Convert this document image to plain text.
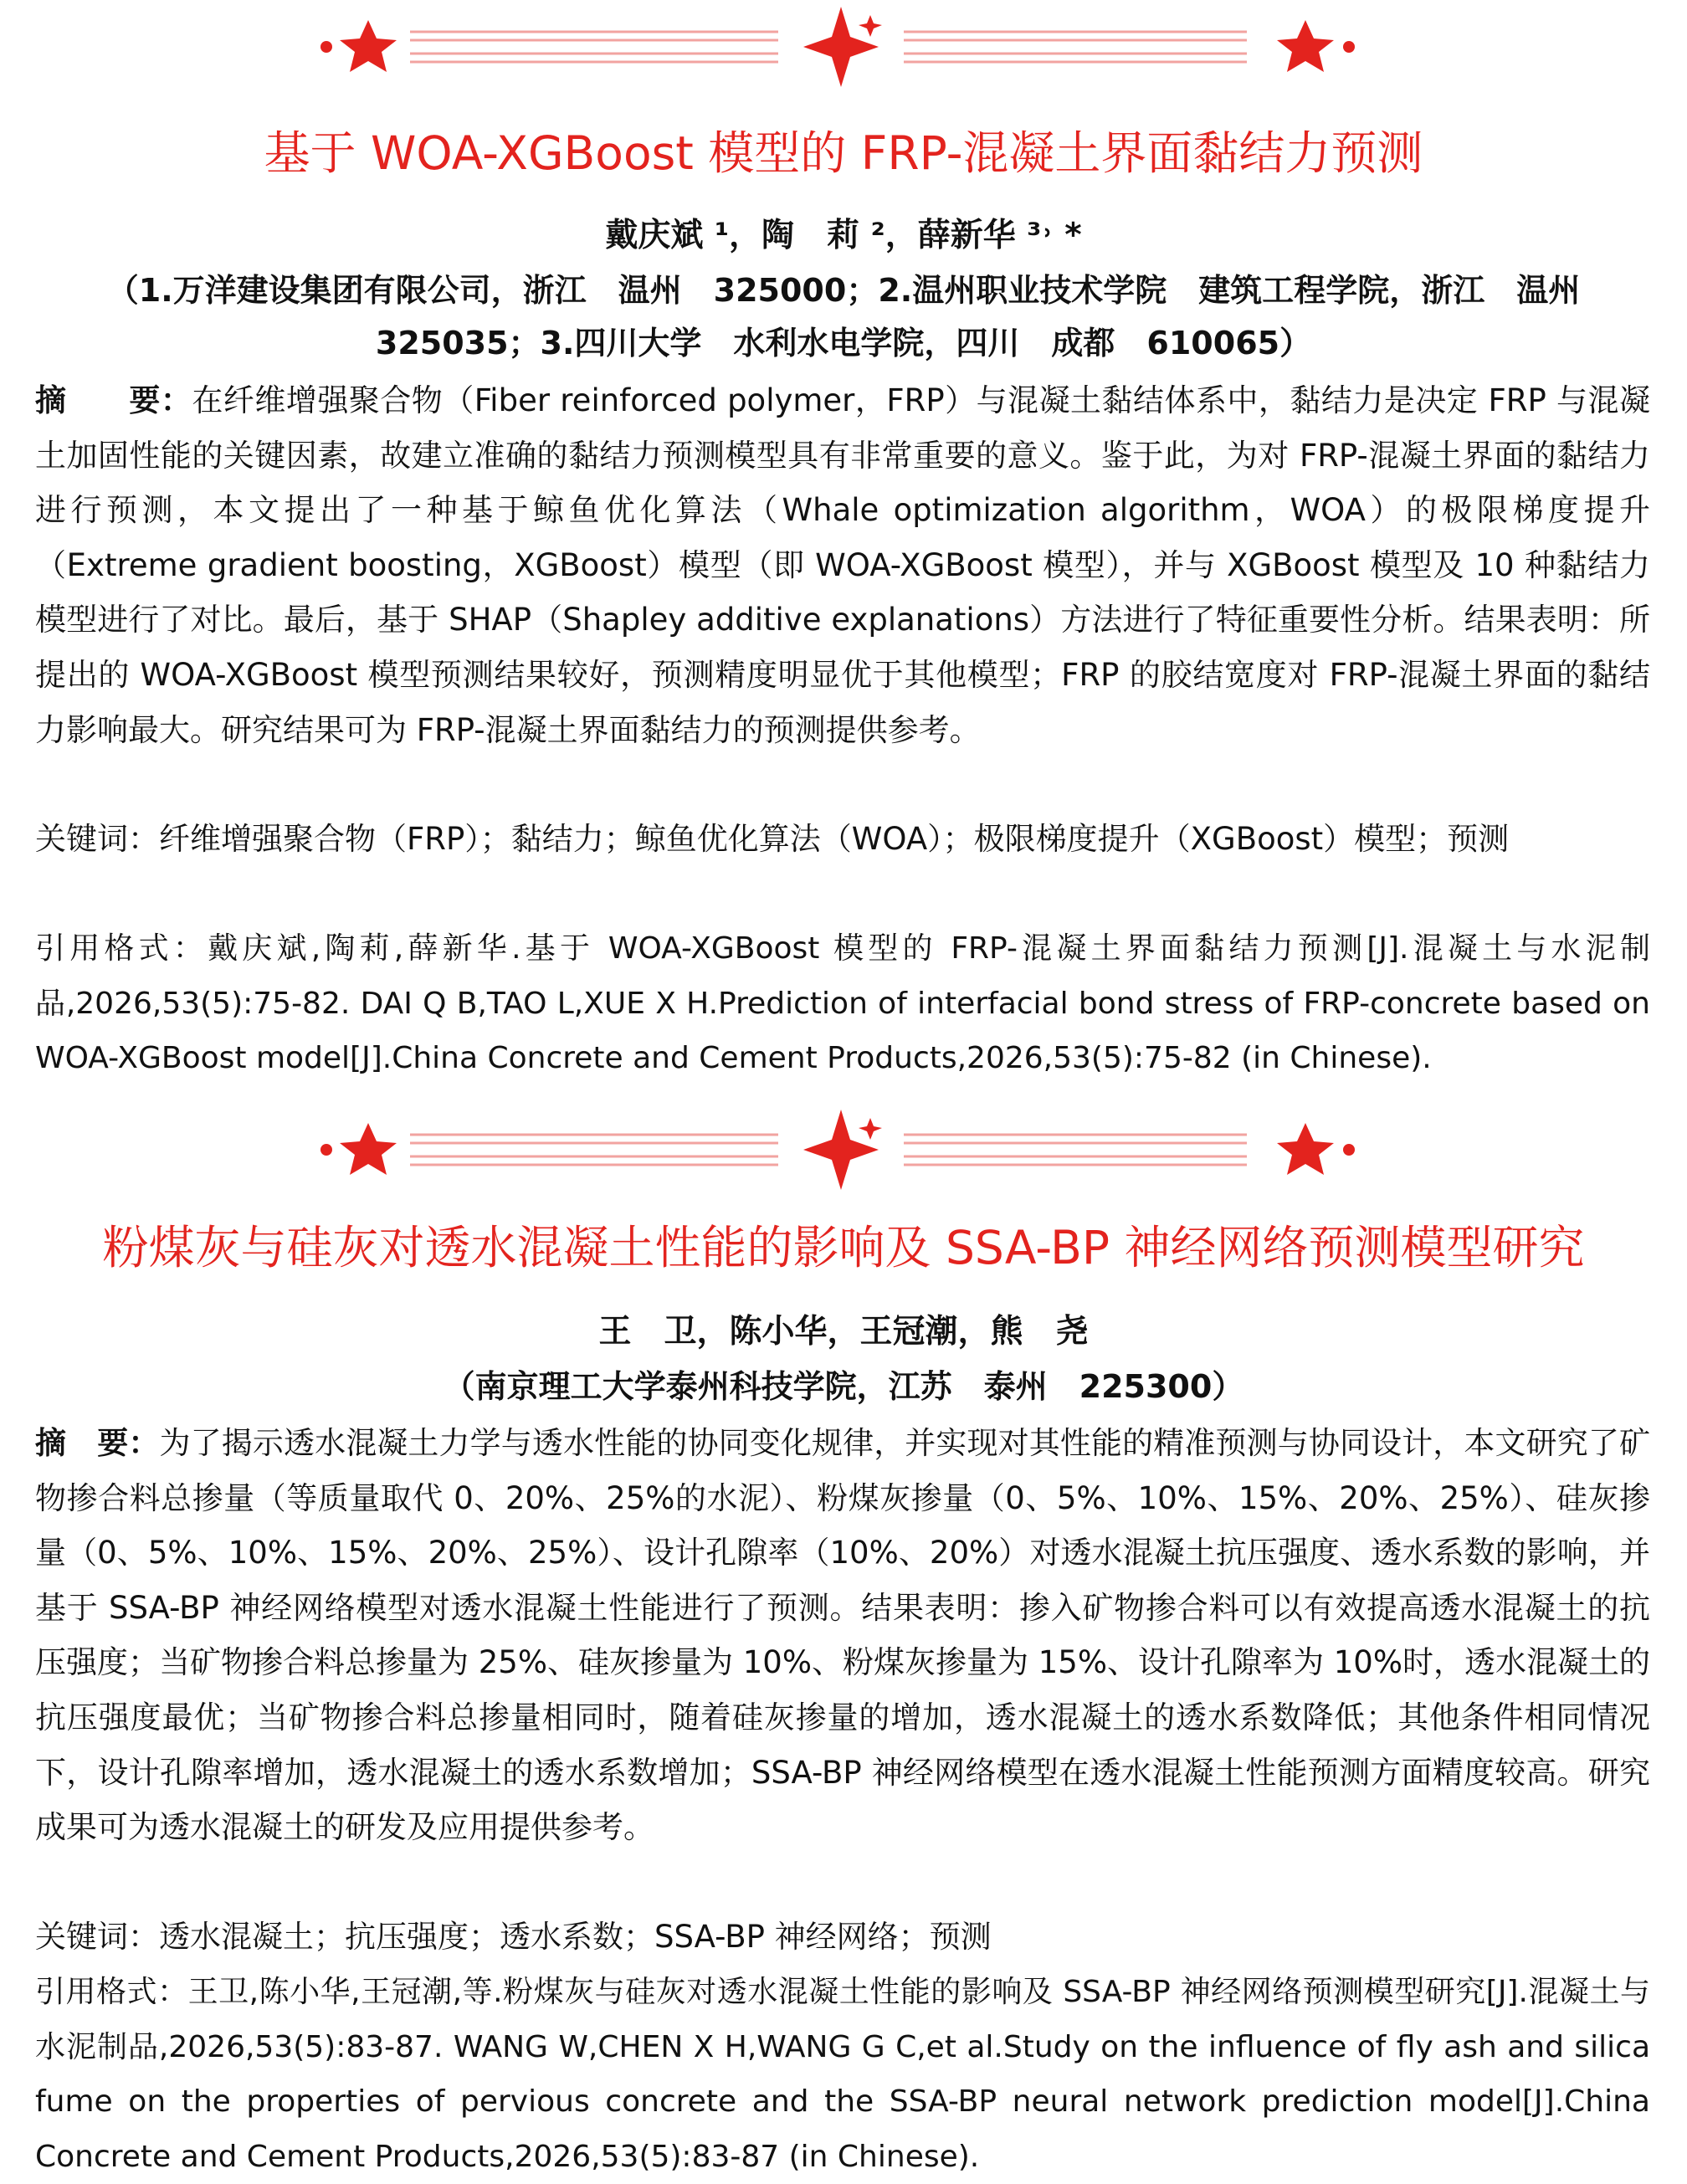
基于 WOA-XGBoost 模型的 FRP-混凝土界面黏结力预测
戴庆斌 ¹，陶　莉 ²，薛新华 ³˒ *
（1.万洋建设集团有限公司，浙江　温州　325000；2.温州职业技术学院　建筑工程学院，浙江　温州　325035；3.四川大学　水利水电学院，四川　成都　610065）
摘　　要：在纤维增强聚合物（Fiber reinforced polymer，FRP）与混凝土黏结体系中，黏结力是决定 FRP 与混凝土加固性能的关键因素，故建立准确的黏结力预测模型具有非常重要的意义。鉴于此，为对 FRP-混凝土界面的黏结力进行预测，本文提出了一种基于鲸鱼优化算法（Whale optimization algorithm，WOA）的极限梯度提升（Extreme gradient boosting，XGBoost）模型（即 WOA-XGBoost 模型），并与 XGBoost 模型及 10 种黏结力模型进行了对比。最后，基于 SHAP（Shapley additive explanations）方法进行了特征重要性分析。结果表明：所提出的 WOA-XGBoost 模型预测结果较好，预测精度明显优于其他模型；FRP 的胶结宽度对 FRP-混凝土界面的黏结力影响最大。研究结果可为 FRP-混凝土界面黏结力的预测提供参考。
关键词：纤维增强聚合物（FRP）；黏结力；鲸鱼优化算法（WOA）；极限梯度提升（XGBoost）模型；预测
引用格式：戴庆斌,陶莉,薛新华.基于 WOA-XGBoost 模型的 FRP-混凝土界面黏结力预测[J].混凝土与水泥制品,2026,53(5):75-82. DAI Q B,TAO L,XUE X H.Prediction of interfacial bond stress of FRP-concrete based on WOA-XGBoost model[J].China Concrete and Cement Products,2026,53(5):75-82 (in Chinese).
粉煤灰与硅灰对透水混凝土性能的影响及 SSA-BP 神经网络预测模型研究
王　卫，陈小华，王冠潮，熊　尧
（南京理工大学泰州科技学院，江苏　泰州　225300）
摘　要：为了揭示透水混凝土力学与透水性能的协同变化规律，并实现对其性能的精准预测与协同设计，本文研究了矿物掺合料总掺量（等质量取代 0、20%、25%的水泥）、粉煤灰掺量（0、5%、10%、15%、20%、25%）、硅灰掺量（0、5%、10%、15%、20%、25%）、设计孔隙率（10%、20%）对透水混凝土抗压强度、透水系数的影响，并基于 SSA-BP 神经网络模型对透水混凝土性能进行了预测。结果表明：掺入矿物掺合料可以有效提高透水混凝土的抗压强度；当矿物掺合料总掺量为 25%、硅灰掺量为 10%、粉煤灰掺量为 15%、设计孔隙率为 10%时，透水混凝土的抗压强度最优；当矿物掺合料总掺量相同时，随着硅灰掺量的增加，透水混凝土的透水系数降低；其他条件相同情况下，设计孔隙率增加，透水混凝土的透水系数增加；SSA-BP 神经网络模型在透水混凝土性能预测方面精度较高。研究成果可为透水混凝土的研发及应用提供参考。
关键词：透水混凝土；抗压强度；透水系数；SSA-BP 神经网络；预测
引用格式：王卫,陈小华,王冠潮,等.粉煤灰与硅灰对透水混凝土性能的影响及 SSA-BP 神经网络预测模型研究[J].混凝土与水泥制品,2026,53(5):83-87. WANG W,CHEN X H,WANG G C,et al.Study on the influence of fly ash and silica fume on the properties of pervious concrete and the SSA-BP neural network prediction model[J].China Concrete and Cement Products,2026,53(5):83-87 (in Chinese).
